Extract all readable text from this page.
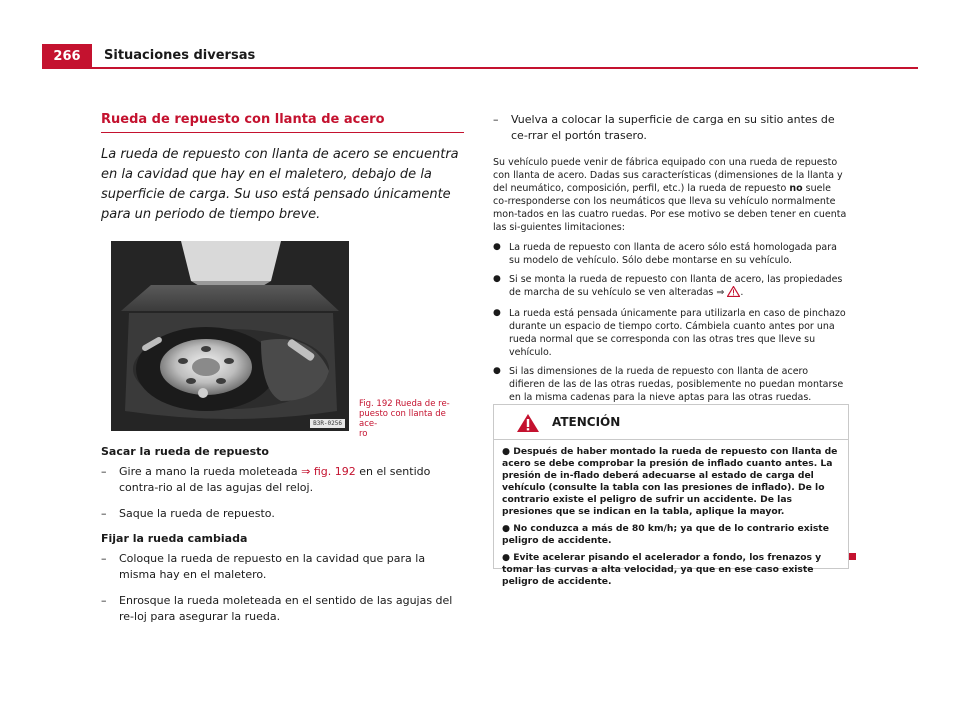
266	Situaciones diversas
Rueda de repuesto con llanta de acero
La rueda de repuesto con llanta de acero se encuentra en la cavidad que hay en el maletero, debajo de la superficie de carga. Su uso está pensado únicamente para un periodo de tiempo breve.
B3R-0256
Fig. 192 Rueda de re-
puesto con llanta de ace-
ro
Sacar la rueda de repuesto
– Gire a mano la rueda moleteada ⇒ fig. 192 en el sentido contra-rio al de las agujas del reloj.
– Saque la rueda de repuesto.
Fijar la rueda cambiada
– Coloque la rueda de repuesto en la cavidad que para la misma hay en el maletero.
– Enrosque la rueda moleteada en el sentido de las agujas del re-loj para asegurar la rueda.
– Vuelva a colocar la superficie de carga en su sitio antes de ce-rrar el portón trasero.
Su vehículo puede venir de fábrica equipado con una rueda de repuesto con llanta de acero. Dadas sus características (dimensiones de la llanta y del neumático, composición, perfil, etc.) la rueda de repuesto no suele co-rresponderse con los neumáticos que lleva su vehículo normalmente mon-tados en las cuatro ruedas. Por ese motivo se deben tener en cuenta las si-guientes limitaciones:
● La rueda de repuesto con llanta de acero sólo está homologada para su modelo de vehículo. Sólo debe montarse en su vehículo.
● Si se monta la rueda de repuesto con llanta de acero, las propiedades de marcha de su vehículo se ven alteradas ⇒ .
● La rueda está pensada únicamente para utilizarla en caso de pinchazo durante un espacio de tiempo corto. Cámbiela cuanto antes por una rueda normal que se corresponda con las otras tres que lleve su vehículo.
● Si las dimensiones de la rueda de repuesto con llanta de acero difieren de las de las otras ruedas, posiblemente no puedan montarse en la misma cadenas para la nieve aptas para las otras ruedas.
ATENCIÓN
● Después de haber montado la rueda de repuesto con llanta de acero se debe comprobar la presión de inflado cuanto antes. La presión de in-flado deberá adecuarse al estado de carga del vehículo (consulte la tabla con las presiones de inflado). De lo contrario existe el peligro de sufrir un accidente. De las presiones que se indican en la tabla, aplique la mayor.
● No conduzca a más de 80 km/h; ya que de lo contrario existe peligro de accidente.
● Evite acelerar pisando el acelerador a fondo, los frenazos y tomar las curvas a alta velocidad, ya que en ese caso existe peligro de accidente.
